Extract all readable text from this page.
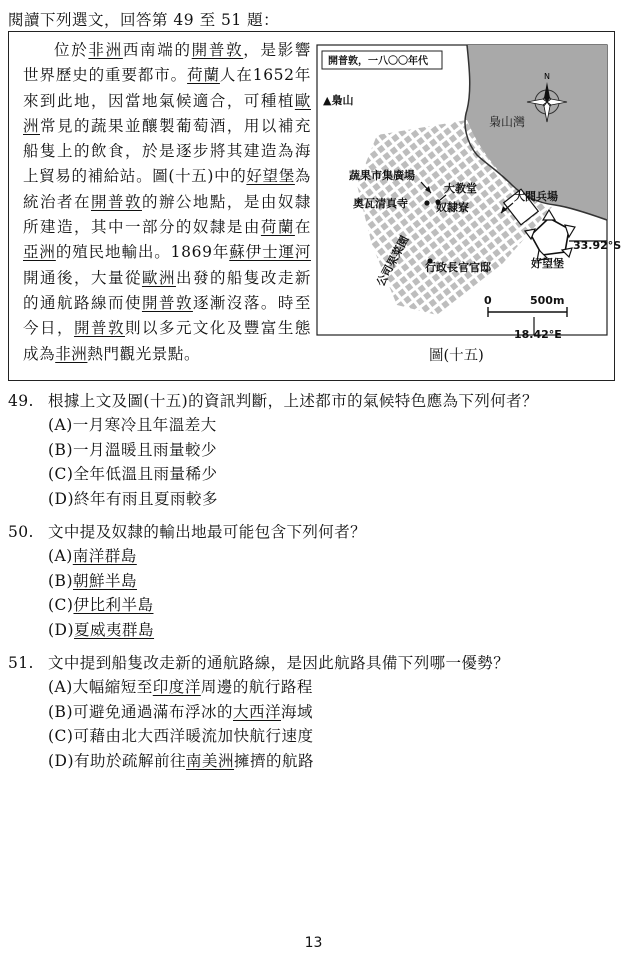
閱讀下列選文，回答第 49 至 51 題：

位於非洲西南端的開普敦，是影響世界歷史的重要都市。荷蘭人在1652年來到此地，因當地氣候適合，可種植歐洲常見的蔬果並釀製葡萄酒，用以補充船隻上的飲食，於是逐步將其建造為海上貿易的補給站。圖(十五)中的好望堡為統治者在開普敦的辦公地點，是由奴隸所建造，其中一部分的奴隸是由荷蘭在亞洲的殖民地輸出。1869年蘇伊士運河開通後，大量從歐洲出發的船隻改走新的通航路線而使開普敦逐漸沒落。時至今日，開普敦則以多元文化及豐富生態成為非洲熱門觀光景點。

N
開普敦，一八〇〇年代
▲梟山
梟山灣
蔬果市集廣場
大教堂
奧瓦清真寺	奴隸寮
大閱兵場
公司果菜園 行政長官官邸	好望堡
33.92°S
0	500m
18.42°E
圖(十五)
49. 根據上文及圖(十五)的資訊判斷，上述都市的氣候特色應為下列何者？
(A)一月寒冷且年溫差大
(B)一月溫暖且雨量較少
(C)全年低溫且雨量稀少
(D)終年有雨且夏雨較多
50. 文中提及奴隸的輸出地最可能包含下列何者？
(A)南洋群島
(B)朝鮮半島
(C)伊比利半島
(D)夏威夷群島
51. 文中提到船隻改走新的通航路線，是因此航路具備下列哪一優勢？
(A)大幅縮短至印度洋周邊的航行路程
(B)可避免通過滿布浮冰的大西洋海域
(C)可藉由北大西洋暖流加快航行速度
(D)有助於疏解前往南美洲擁擠的航路
13
